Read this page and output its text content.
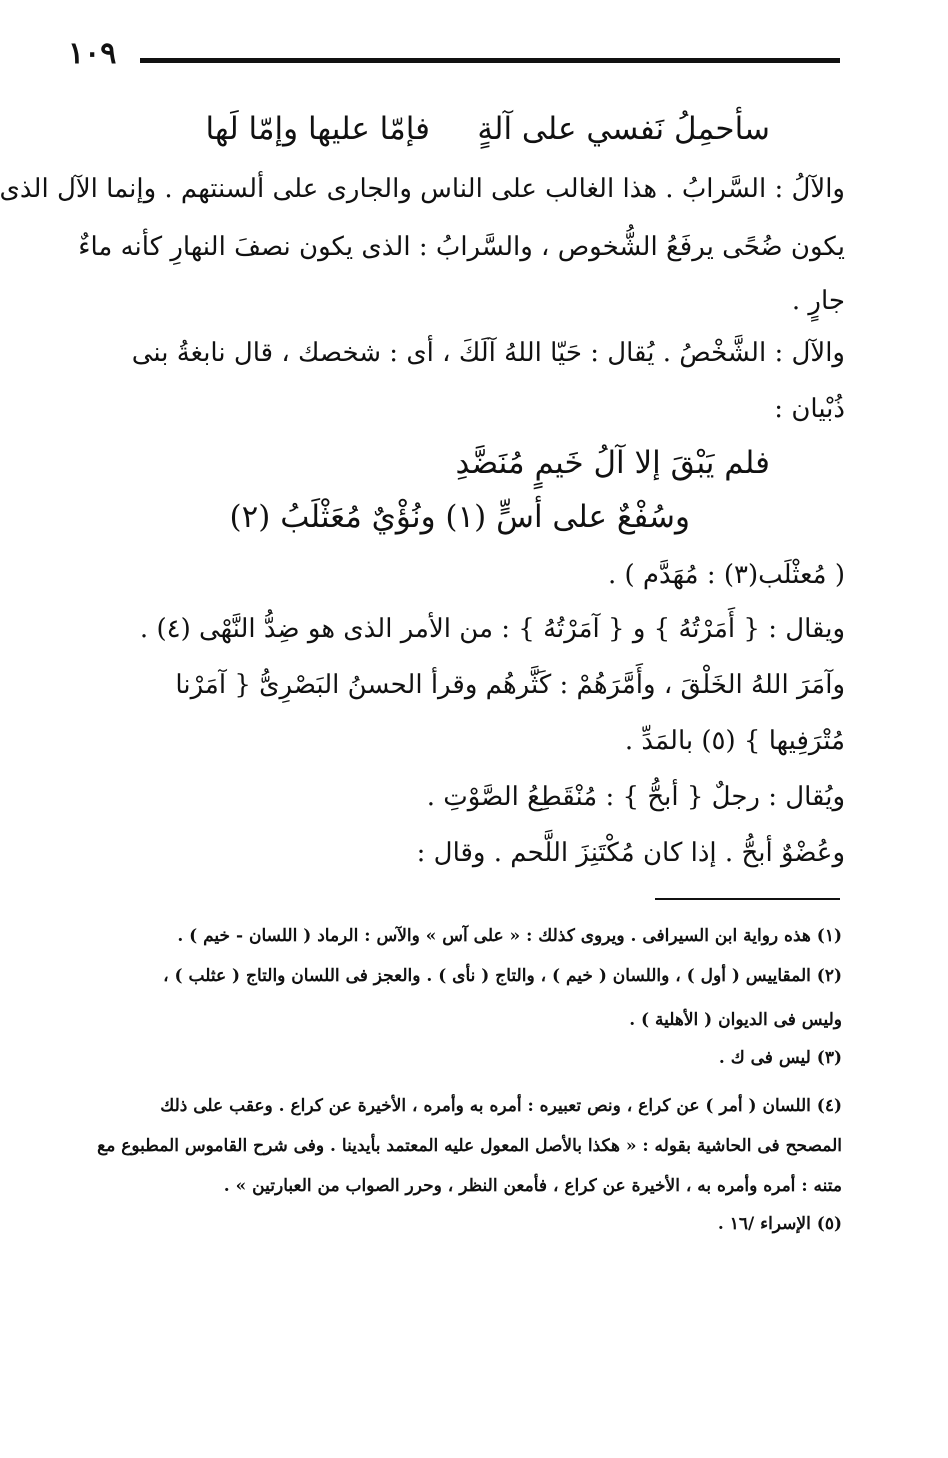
١٠٩
سأحمِلُ نَفسي على آلةٍ
فإمّا عليها وإمّا لَها
والآلُ : السَّرابُ . هذا الغالب على الناس والجارى على ألسنتهم . وإنما الآل الذى
يكون ضُحًى يرفَعُ الشُّخوص ، والسَّرابُ : الذى يكون نصفَ النهارِ كأنه ماءٌ
جارٍ .
والآل : الشَّخْصُ . يُقال : حَيّا اللهُ آلَكَ ، أى : شخصك ، قال نابغةُ بنى
ذُبْيان :
فلم يَبْقَ إلا آلُ خَيمٍ مُنَضَّدِ
وسُفْعٌ على أسٍّ (١) ونُؤْيٌ مُعَثْلَبُ (٢)
( مُعثْلَب(٣) : مُهَدَّم ) .
ويقال : { أَمَرْتُهُ } و { آمَرْتُهُ } : من الأمر الذى هو ضِدُّ النَّهْى (٤) .
وآمَرَ اللهُ الخَلْقَ ، وأَمَّرَهُمْ : كَثَّرهُم وقرأ الحسنُ البَصْرِىُّ { آمَرْنا
مُتْرَفِيها } (٥) بالمَدِّ .
ويُقال : رجلٌ { أبحُّ } : مُنْقَطِعُ الصَّوْتِ .
وعُضْوٌ أبحُّ . إذا كان مُكْتَنِزَ اللَّحم . وقال :
(١) هذه رواية ابن السيرافى . ويروى كذلك : « على آس » والآس : الرماد ( اللسان - خيم ) .
(٢) المقاييس ( أول ) ، واللسان ( خيم ) ، والتاج ( نأى ) . والعجز فى اللسان والتاج ( عثلب ) ،
وليس فى الديوان ( الأهلية ) .
(٣) ليس فى ك .
(٤) اللسان ( أمر ) عن كراع ، ونص تعبيره : أمره به وأمره ، الأخيرة عن كراع . وعقب على ذلك
المصحح فى الحاشية بقوله : « هكذا بالأصل المعول عليه المعتمد بأيدينا . وفى شرح القاموس المطبوع مع
متنه : أمره وأمره به ، الأخيرة عن كراع ، فأمعن النظر ، وحرر الصواب من العبارتين » .
(٥) الإسراء /١٦ .
